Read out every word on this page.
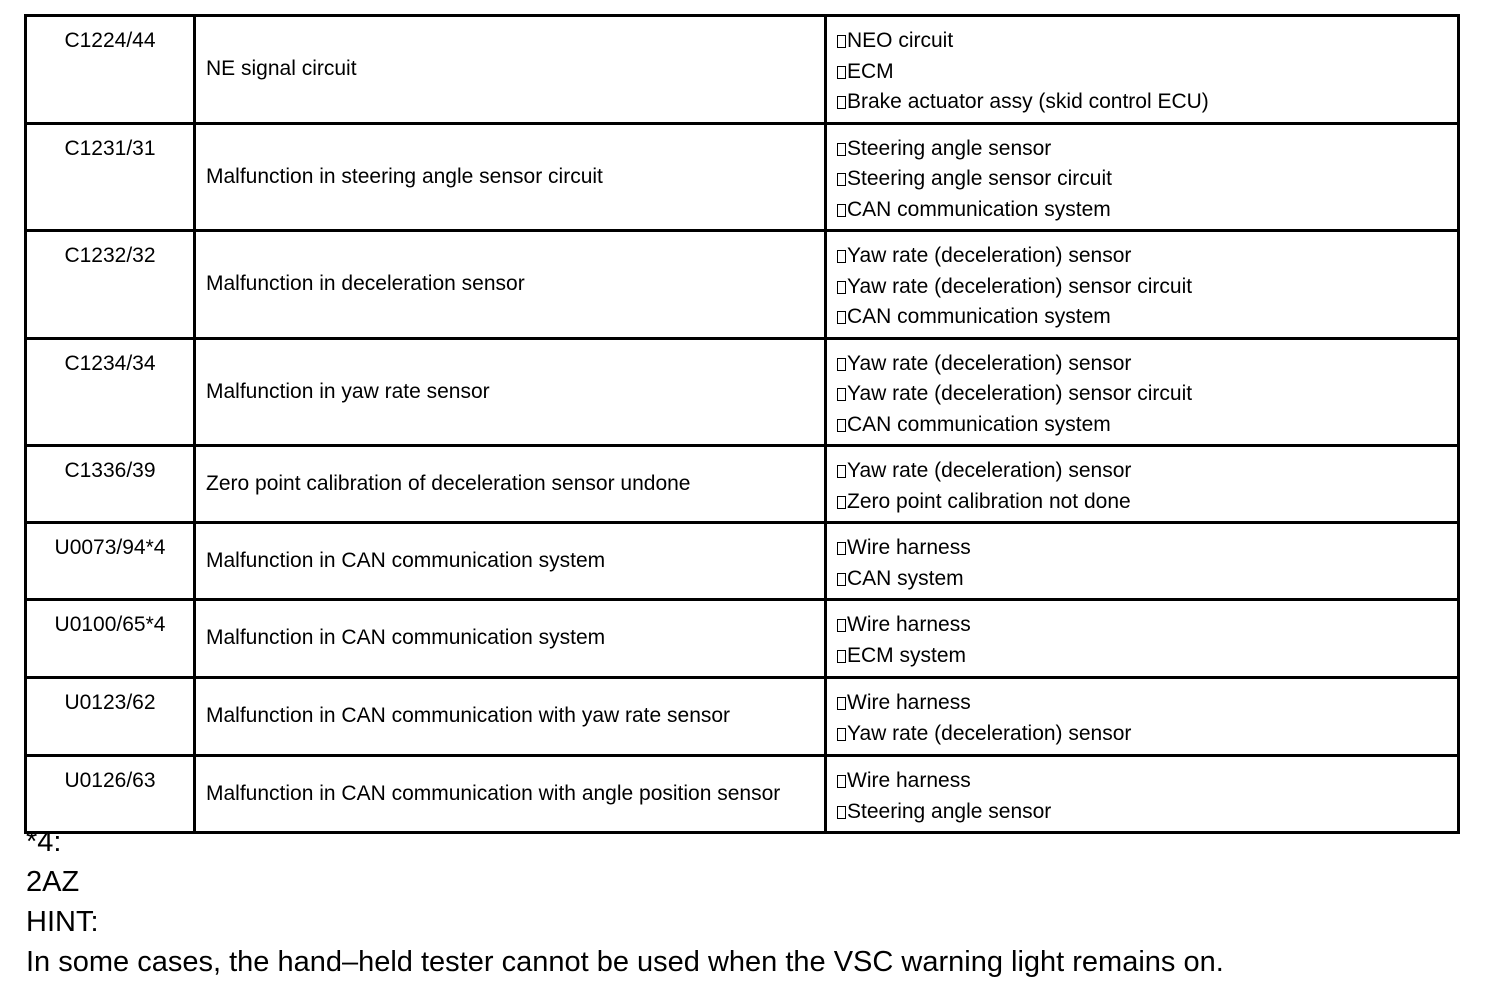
C1224/44	NE signal circuit	NEO circuit
ECM
Brake actuator assy (skid control ECU)

C1231/31	Malfunction in steering angle sensor circuit	Steering angle sensor
Steering angle sensor circuit
CAN communication system

C1232/32	Malfunction in deceleration sensor	Yaw rate (deceleration) sensor
Yaw rate (deceleration) sensor circuit
CAN communication system

C1234/34	Malfunction in yaw rate sensor	Yaw rate (deceleration) sensor
Yaw rate (deceleration) sensor circuit
CAN communication system

C1336/39	Zero point calibration of deceleration sensor undone	Yaw rate (deceleration) sensor
Zero point calibration not done

U0073/94*4	Malfunction in CAN communication system	Wire harness
CAN system

U0100/65*4	Malfunction in CAN communication system	Wire harness
ECM system

U0123/62	Malfunction in CAN communication with yaw rate sensor	Wire harness
Yaw rate (deceleration) sensor

U0126/63	Malfunction in CAN communication with angle position sensor	Wire harness
Steering angle sensor
*4:
2AZ
HINT:
In some cases, the hand–held tester cannot be used when the VSC warning light remains on.
